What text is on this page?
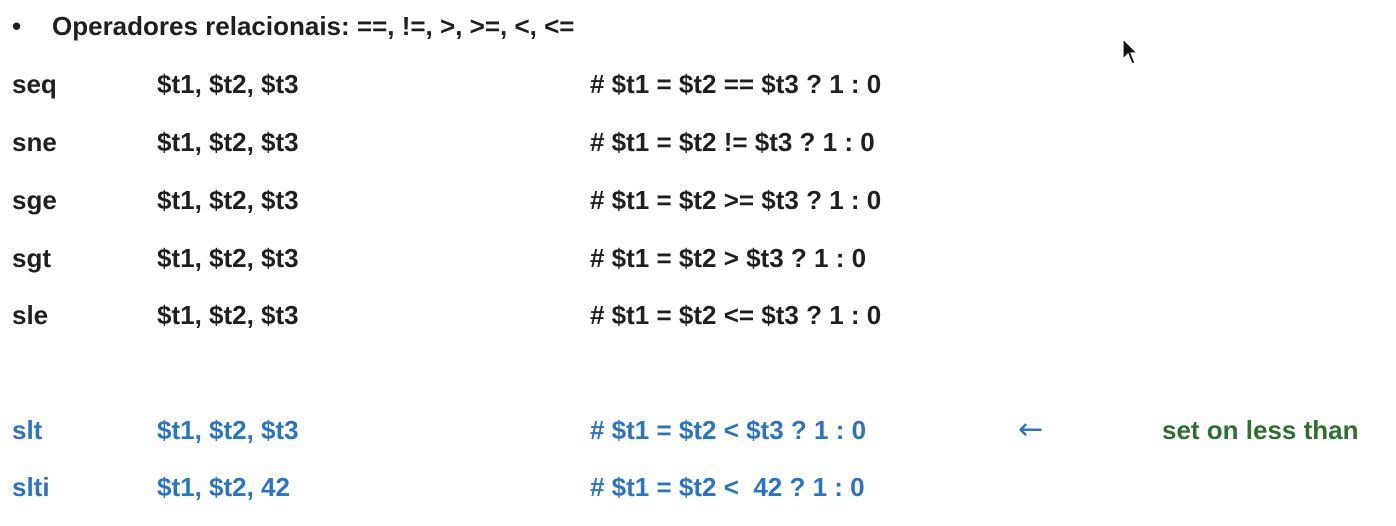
• Operadores relacionais: ==, !=, >, >=, <, <=
seq	$t1, $t2, $t3	# $t1 = $t2 == $t3 ? 1 : 0
sne	$t1, $t2, $t3	# $t1 = $t2 != $t3 ? 1 : 0
sge	$t1, $t2, $t3	# $t1 = $t2 >= $t3 ? 1 : 0
sgt	$t1, $t2, $t3	# $t1 = $t2 > $t3 ? 1 : 0
sle	$t1, $t2, $t3	# $t1 = $t2 <= $t3 ? 1 : 0
slt	$t1, $t2, $t3	# $t1 = $t2 < $t3 ? 1 : 0	←	set on less than
slti	$t1, $t2, 42	# $t1 = $t2 <  42 ? 1 : 0
